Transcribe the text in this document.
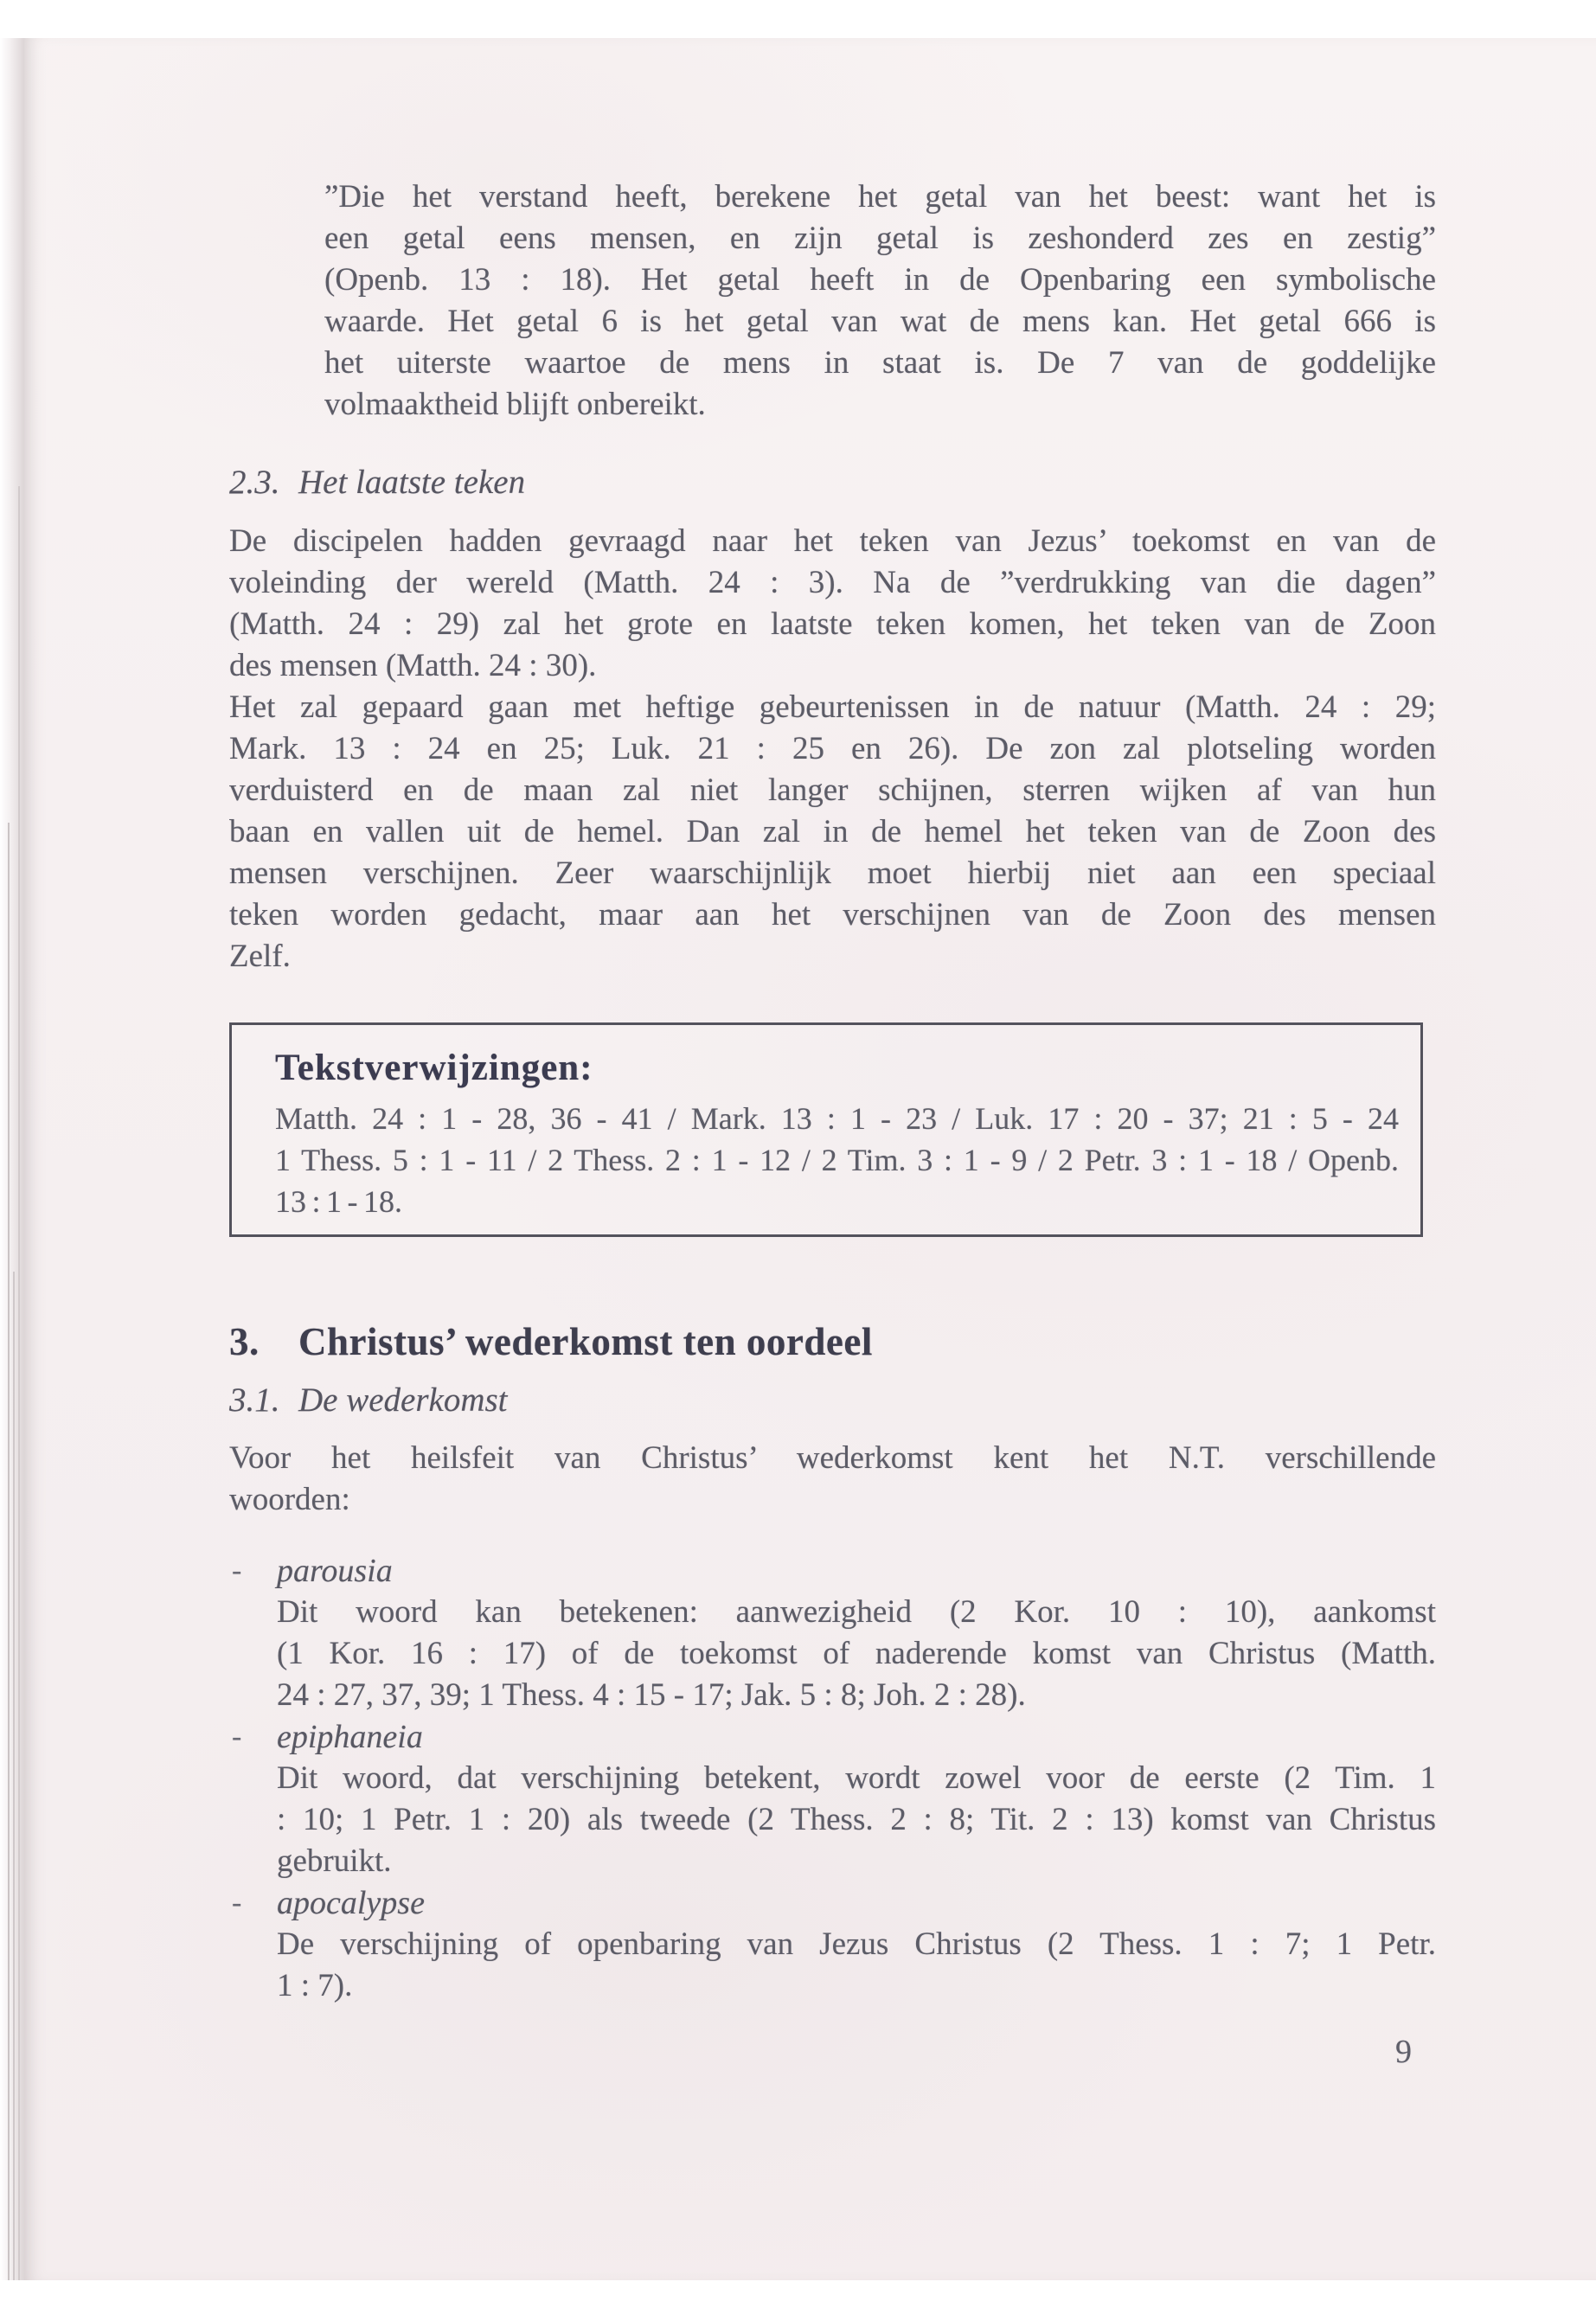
”Die het verstand heeft, berekene het getal van het beest: want het is
een getal eens mensen, en zijn getal is zeshonderd zes en zestig”
(Openb. 13 : 18). Het getal heeft in de Openbaring een symbolische
waarde. Het getal 6 is het getal van wat de mens kan. Het getal 666 is
het uiterste waartoe de mens in staat is. De 7 van de goddelijke
volmaaktheid blijft onbereikt.
2.3. Het laatste teken
De discipelen hadden gevraagd naar het teken van Jezus’ toekomst en van de
voleinding der wereld (Matth. 24 : 3). Na de ”verdrukking van die dagen”
(Matth. 24 : 29) zal het grote en laatste teken komen, het teken van de Zoon
des mensen (Matth. 24 : 30).
Het zal gepaard gaan met heftige gebeurtenissen in de natuur (Matth. 24 : 29;
Mark. 13 : 24 en 25; Luk. 21 : 25 en 26). De zon zal plotseling worden
verduisterd en de maan zal niet langer schijnen, sterren wijken af van hun
baan en vallen uit de hemel. Dan zal in de hemel het teken van de Zoon des
mensen verschijnen. Zeer waarschijnlijk moet hierbij niet aan een speciaal
teken worden gedacht, maar aan het verschijnen van de Zoon des mensen
Zelf.
Tekstverwijzingen:
Matth. 24 : 1 - 28, 36 - 41 / Mark. 13 : 1 - 23 / Luk. 17 : 20 - 37; 21 : 5 - 24
1 Thess. 5 : 1 - 11 / 2 Thess. 2 : 1 - 12 / 2 Tim. 3 : 1 - 9 / 2 Petr. 3 : 1 - 18 / Openb.
13 : 1 - 18.
3. Christus’ wederkomst ten oordeel
3.1. De wederkomst
Voor het heilsfeit van Christus’ wederkomst kent het N.T. verschillende
woorden:
- parousia
Dit woord kan betekenen: aanwezigheid (2 Kor. 10 : 10), aankomst
(1 Kor. 16 : 17) of de toekomst of naderende komst van Christus (Matth.
24 : 27, 37, 39; 1 Thess. 4 : 15 - 17; Jak. 5 : 8; Joh. 2 : 28).
- epiphaneia
Dit woord, dat verschijning betekent, wordt zowel voor de eerste (2 Tim. 1
: 10; 1 Petr. 1 : 20) als tweede (2 Thess. 2 : 8; Tit. 2 : 13) komst van Christus
gebruikt.
- apocalypse
De verschijning of openbaring van Jezus Christus (2 Thess. 1 : 7; 1 Petr.
1 : 7).
9
